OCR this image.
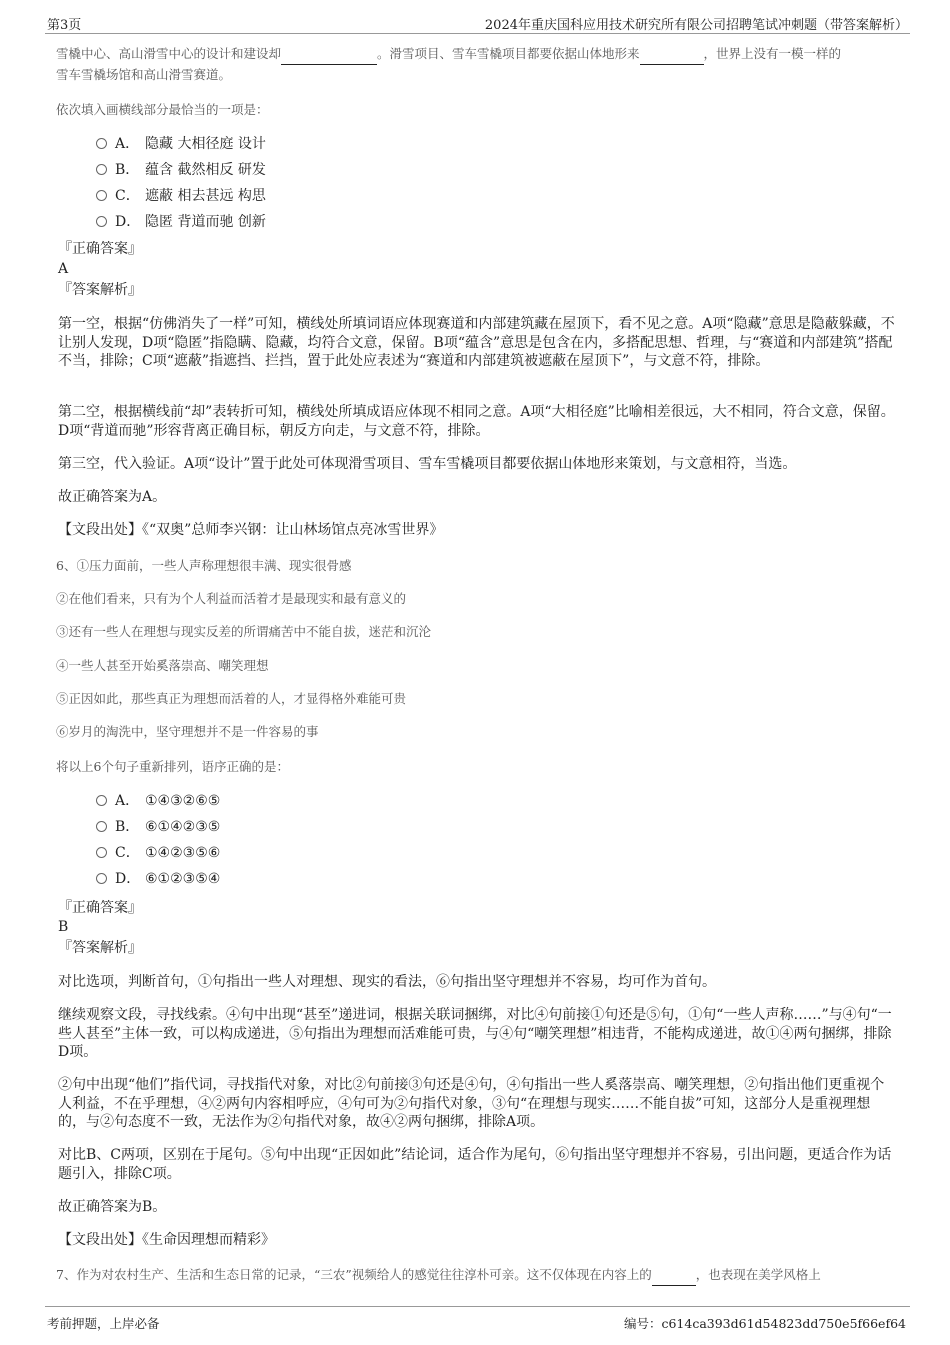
第3页	2024年重庆国科应用技术研究所有限公司招聘笔试冲刺题（带答案解析）
雪橇中心、高山滑雪中心的设计和建设却	。滑雪项目、雪车雪橇项目都要依据山体地形来	，世界上没有一模一样的
雪车雪橇场馆和高山滑雪赛道。
依次填入画横线部分最恰当的一项是：
A． 隐藏 大相径庭 设计
B． 蕴含 截然相反 研发
C． 遮蔽 相去甚远 构思
D． 隐匿 背道而驰 创新
『正确答案』
A
『答案解析』
第一空，根据“仿佛消失了一样”可知，横线处所填词语应体现赛道和内部建筑藏在屋顶下，看不见之意。A项“隐藏”意思是隐蔽躲藏，不让别人发现，D项“隐匿”指隐瞒、隐藏，均符合文意，保留。B项“蕴含”意思是包含在内，多搭配思想、哲理，与“赛道和内部建筑”搭配不当，排除；C项“遮蔽”指遮挡、拦挡，置于此处应表述为“赛道和内部建筑被遮蔽在屋顶下”，与文意不符，排除。
第二空，根据横线前“却”表转折可知，横线处所填成语应体现不相同之意。A项“大相径庭”比喻相差很远，大不相同，符合文意，保留。D项“背道而驰”形容背离正确目标，朝反方向走，与文意不符，排除。
第三空，代入验证。A项“设计”置于此处可体现滑雪项目、雪车雪橇项目都要依据山体地形来策划，与文意相符，当选。
故正确答案为A。
【文段出处】《“双奥”总师李兴钢：让山林场馆点亮冰雪世界》
6、①压力面前，一些人声称理想很丰满、现实很骨感
②在他们看来，只有为个人利益而活着才是最现实和最有意义的
③还有一些人在理想与现实反差的所谓痛苦中不能自拔，迷茫和沉沦
④一些人甚至开始奚落崇高、嘲笑理想
⑤正因如此，那些真正为理想而活着的人，才显得格外难能可贵
⑥岁月的淘洗中，坚守理想并不是一件容易的事
将以上6个句子重新排列，语序正确的是：
A． ①④③②⑥⑤
B． ⑥①④②③⑤
C． ①④②③⑤⑥
D． ⑥①②③⑤④
『正确答案』
B
『答案解析』
对比选项，判断首句，①句指出一些人对理想、现实的看法，⑥句指出坚守理想并不容易，均可作为首句。
继续观察文段，寻找线索。④句中出现“甚至”递进词，根据关联词捆绑，对比④句前接①句还是⑤句，①句“一些人声称……”与④句“一些人甚至”主体一致，可以构成递进，⑤句指出为理想而活难能可贵，与④句“嘲笑理想”相违背，不能构成递进，故①④两句捆绑，排除D项。
②句中出现“他们”指代词，寻找指代对象，对比②句前接③句还是④句，④句指出一些人奚落崇高、嘲笑理想，②句指出他们更重视个人利益，不在乎理想，④②两句内容相呼应，④句可为②句指代对象，③句“在理想与现实……不能自拔”可知，这部分人是重视理想的，与②句态度不一致，无法作为②句指代对象，故④②两句捆绑，排除A项。
对比B、C两项，区别在于尾句。⑤句中出现“正因如此”结论词，适合作为尾句，⑥句指出坚守理想并不容易，引出问题，更适合作为话题引入，排除C项。
故正确答案为B。
【文段出处】《生命因理想而精彩》
7、作为对农村生产、生活和生态日常的记录，“三农”视频给人的感觉往往淳朴可亲。这不仅体现在内容上的	，也表现在美学风格上
考前押题，上岸必备	编号：c614ca393d61d54823dd750e5f66ef64
